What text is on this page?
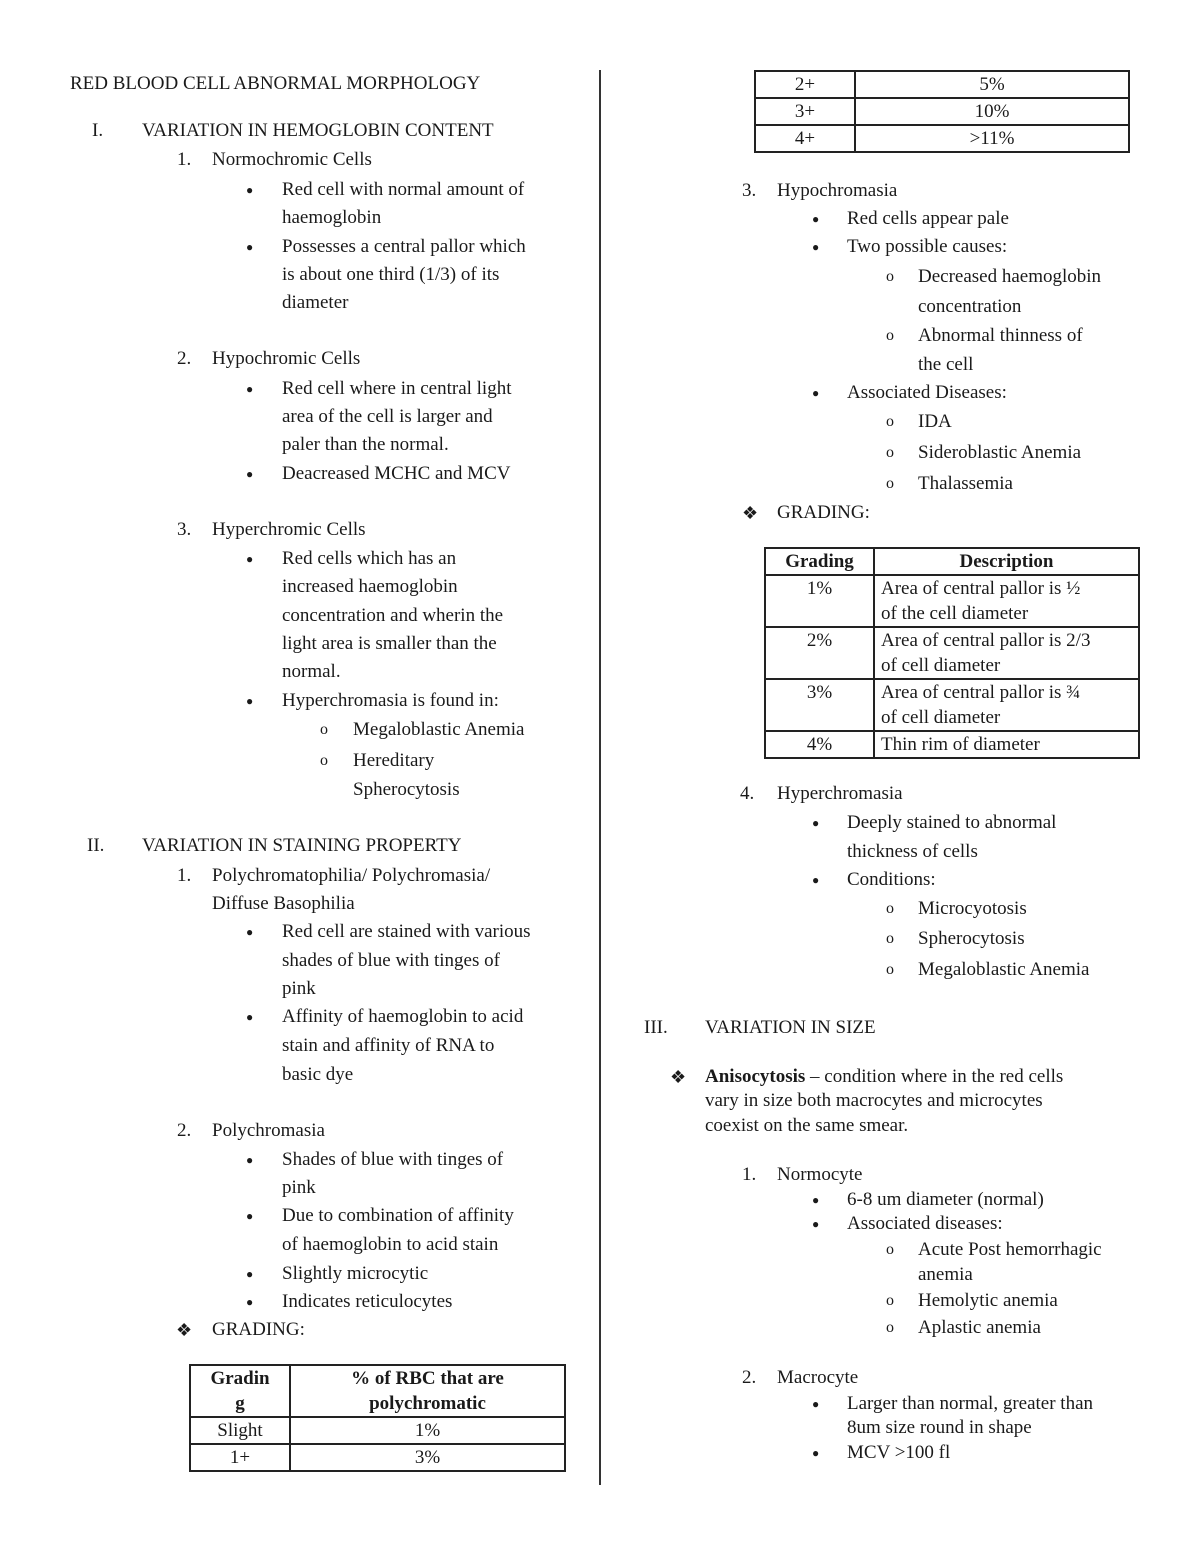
RED BLOOD CELL ABNORMAL MORPHOLOGY
I. VARIATION IN HEMOGLOBIN CONTENT
1. Normochromic Cells
● Red cell with normal amount of
haemoglobin
● Possesses a central pallor which
is about one third (1/3) of its
diameter
2. Hypochromic Cells
● Red cell where in central light
area of the cell is larger and
paler than the normal.
● Deacreased MCHC and MCV
3. Hyperchromic Cells
● Red cells which has an
increased haemoglobin
concentration and wherin the
light area is smaller than the
normal.
● Hyperchromasia is found in:
o Megaloblastic Anemia
o Hereditary
Spherocytosis
II. VARIATION IN STAINING PROPERTY
1. Polychromatophilia/ Polychromasia/
Diffuse Basophilia
● Red cell are stained with various
shades of blue with tinges of
pink
● Affinity of haemoglobin to acid
stain and affinity of RNA to
basic dye
2. Polychromasia
● Shades of blue with tinges of
pink
● Due to combination of affinity
of haemoglobin to acid stain
● Slightly microcytic
● Indicates reticulocytes
❖ GRADING:
Gradin
g	% of RBC that are
polychromatic
Slight	1%
1+	3%
2+	5%
3+	10%
4+	>11%
3. Hypochromasia
● Red cells appear pale
● Two possible causes:
o Decreased haemoglobin
concentration
o Abnormal thinness of
the cell
● Associated Diseases:
o IDA
o Sideroblastic Anemia
o Thalassemia
❖ GRADING:
Grading	Description
1%	Area of central pallor is ½
of the cell diameter
2%	Area of central pallor is 2/3
of cell diameter
3%	Area of central pallor is ¾
of cell diameter
4%	Thin rim of diameter
4. Hyperchromasia
● Deeply stained to abnormal
thickness of cells
● Conditions:
o Microcyotosis
o Spherocytosis
o Megaloblastic Anemia
III. VARIATION IN SIZE
❖ Anisocytosis – condition where in the red cells
vary in size both macrocytes and microcytes
coexist on the same smear.
1. Normocyte
● 6-8 um diameter (normal)
● Associated diseases:
o Acute Post hemorrhagic
anemia
o Hemolytic anemia
o Aplastic anemia
2. Macrocyte
● Larger than normal, greater than
8um size round in shape
● MCV >100 fl
